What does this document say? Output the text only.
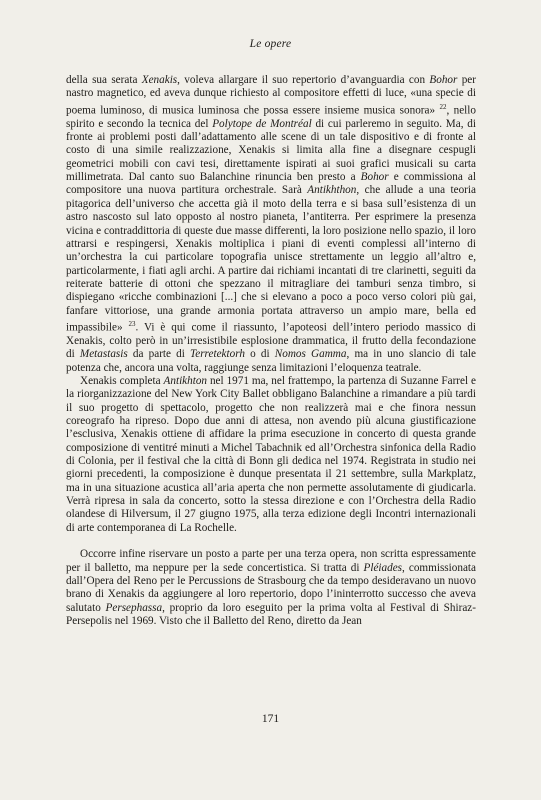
Le opere

della sua serata Xenakis, voleva allargare il suo repertorio d’avanguardia con Bohor per nastro magnetico, ed aveva dunque richiesto al compositore effetti di luce, «una specie di poema luminoso, di musica luminosa che possa essere insieme musica sonora» $^{22}$, nello spirito e secondo la tecnica del Polytope de Montréal di cui parleremo in seguito. Ma, di fronte ai problemi posti dall’adattamento alle scene di un tale dispositivo e di fronte al costo di una simile realizzazione, Xenakis si limita alla fine a disegnare cespugli geometrici mobili con cavi tesi, direttamente ispirati ai suoi grafici musicali su carta millimetrata. Dal canto suo Balanchine rinuncia ben presto a Bohor e commissiona al compositore una nuova partitura orchestrale. Sarà Antikhthon, che allude a una teoria pitagorica dell’universo che accetta già il moto della terra e si basa sull’esistenza di un astro nascosto sul lato opposto al nostro pianeta, l’antiterra. Per esprimere la presenza vicina e contraddittoria di queste due masse differenti, la loro posizione nello spazio, il loro attrarsi e respingersi, Xenakis moltiplica i piani di eventi complessi all’interno di un’orchestra la cui particolare topografia unisce strettamente un leggio all’altro e, particolarmente, i fiati agli archi. A partire dai richiami incantati di tre clarinetti, seguiti da reiterate batterie di ottoni che spezzano il mitragliare dei tamburi senza timbro, si dispiegano «ricche combinazioni [...] che si elevano a poco a poco verso colori più gai, fanfare vittoriose, una grande armonia portata attraverso un ampio mare, bella ed impassibile» $^{23}$. Vi è qui come il riassunto, l’apoteosi dell’intero periodo massico di Xenakis, colto però in un’irresistibile esplosione drammatica, il frutto della fecondazione di Metastasis da parte di Terretektorh o di Nomos Gamma, ma in uno slancio di tale potenza che, ancora una volta, raggiunge senza limitazioni l’eloquenza teatrale.

Xenakis completa Antikhton nel 1971 ma, nel frattempo, la partenza di Suzanne Farrel e la riorganizzazione del New York City Ballet obbligano Balanchine a rimandare a più tardi il suo progetto di spettacolo, progetto che non realizzerà mai e che finora nessun coreografo ha ripreso. Dopo due anni di attesa, non avendo più alcuna giustificazione l’esclusiva, Xenakis ottiene di affidare la prima esecuzione in concerto di questa grande composizione di ventitré minuti a Michel Tabachnik ed all’Orchestra sinfonica della Radio di Colonia, per il festival che la città di Bonn gli dedica nel 1974. Registrata in studio nei giorni precedenti, la composizione è dunque presentata il 21 settembre, sulla Markplatz, ma in una situazione acustica all’aria aperta che non permette assolutamente di giudicarla. Verrà ripresa in sala da concerto, sotto la stessa direzione e con l’Orchestra della Radio olandese di Hilversum, il 27 giugno 1975, alla terza edizione degli Incontri internazionali di arte contemporanea di La Rochelle.

Occorre infine riservare un posto a parte per una terza opera, non scritta espressamente per il balletto, ma neppure per la sede concertistica. Si tratta di Pléiades, commissionata dall’Opera del Reno per le Percussions de Strasbourg che da tempo desideravano un nuovo brano di Xenakis da aggiungere al loro repertorio, dopo l’ininterrotto successo che aveva salutato Persephassa, proprio da loro eseguito per la prima volta al Festival di Shiraz-Persepolis nel 1969. Visto che il Balletto del Reno, diretto da Jean

171
